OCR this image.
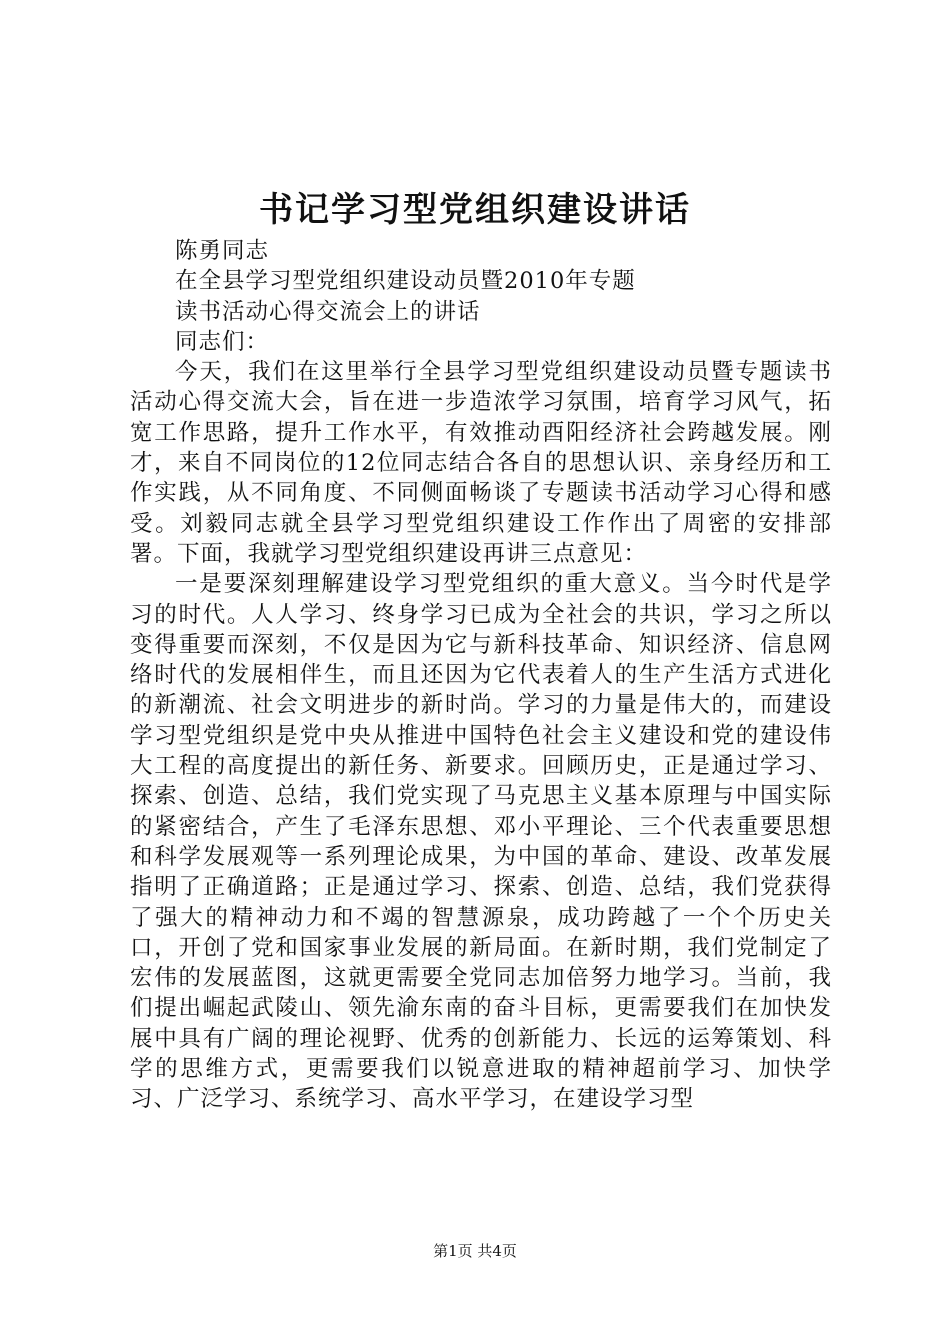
书记学习型党组织建设讲话

陈勇同志

在全县学习型党组织建设动员暨2010年专题

读书活动心得交流会上的讲话

同志们：

今天，我们在这里举行全县学习型党组织建设动员暨专题读书活动心得交流大会，旨在进一步造浓学习氛围，培育学习风气，拓宽工作思路，提升工作水平，有效推动酉阳经济社会跨越发展。刚才，来自不同岗位的12位同志结合各自的思想认识、亲身经历和工作实践，从不同角度、不同侧面畅谈了专题读书活动学习心得和感受。刘毅同志就全县学习型党组织建设工作作出了周密的安排部署。下面，我就学习型党组织建设再讲三点意见：

一是要深刻理解建设学习型党组织的重大意义。当今时代是学习的时代。人人学习、终身学习已成为全社会的共识，学习之所以变得重要而深刻，不仅是因为它与新科技革命、知识经济、信息网络时代的发展相伴生，而且还因为它代表着人的生产生活方式进化的新潮流、社会文明进步的新时尚。学习的力量是伟大的，而建设学习型党组织是党中央从推进中国特色社会主义建设和党的建设伟大工程的高度提出的新任务、新要求。回顾历史，正是通过学习、探索、创造、总结，我们党实现了马克思主义基本原理与中国实际的紧密结合，产生了毛泽东思想、邓小平理论、三个代表重要思想和科学发展观等一系列理论成果，为中国的革命、建设、改革发展指明了正确道路；正是通过学习、探索、创造、总结，我们党获得了强大的精神动力和不竭的智慧源泉，成功跨越了一个个历史关口，开创了党和国家事业发展的新局面。在新时期，我们党制定了宏伟的发展蓝图，这就更需要全党同志加倍努力地学习。当前，我们提出崛起武陵山、领先渝东南的奋斗目标，更需要我们在加快发展中具有广阔的理论视野、优秀的创新能力、长远的运筹策划、科学的思维方式，更需要我们以锐意进取的精神超前学习、加快学习、广泛学习、系统学习、高水平学习，在建设学习型

第1页 共4页
